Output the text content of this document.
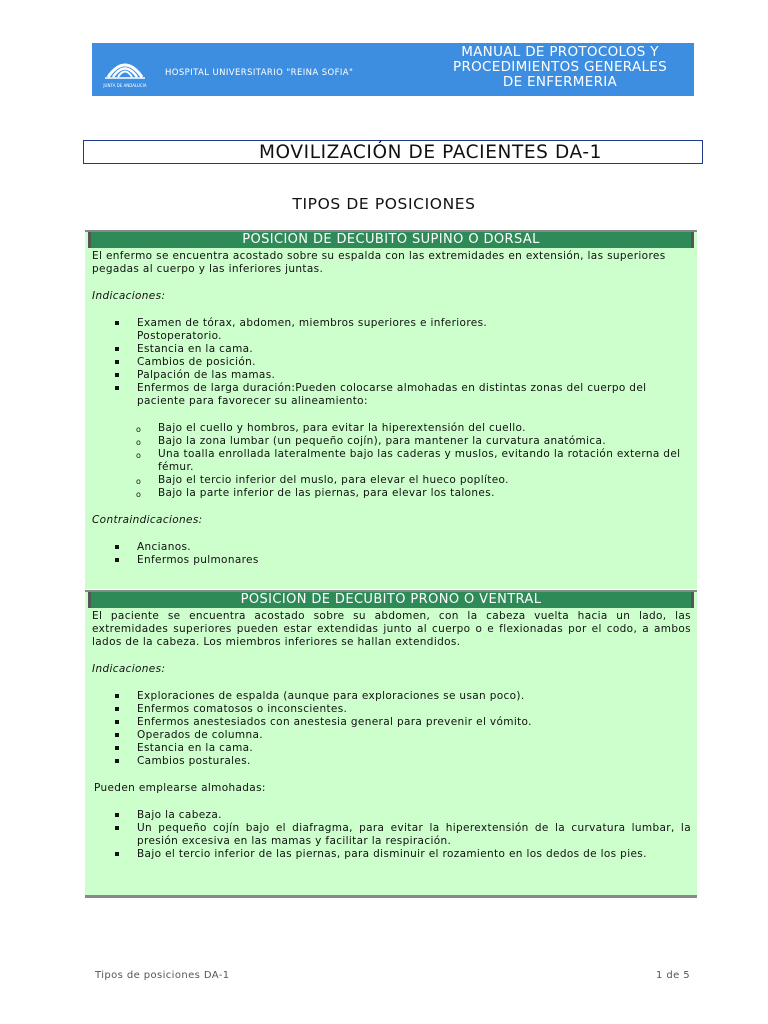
JUNTA DE ANDALUCIA
HOSPITAL UNIVERSITARIO "REINA SOFIA"
MANUAL DE PROTOCOLOS Y
PROCEDIMIENTOS GENERALES
DE ENFERMERIA
MOVILIZACIÓN DE PACIENTES DA-1
TIPOS DE POSICIONES
POSICIÓN DE DECÚBITO SUPINO O DORSAL

El enfermo se encuentra acostado sobre su espalda con las extremidades en extensión, las superiores pegadas al cuerpo y las inferiores juntas.

Indicaciones:

Examen de tórax, abdomen, miembros superiores e inferiores. Postoperatorio.
Estancia en la cama.
Cambios de posición.
Palpación de las mamas.
Enfermos de larga duración:Pueden colocarse almohadas en distintas zonas del cuerpo del paciente para favorecer su alineamiento:
o Bajo el cuello y hombros, para evitar la hiperextensión del cuello.
o Bajo la zona lumbar (un pequeño cojín), para mantener la curvatura anatómica.
o Una toalla enrollada lateralmente bajo las caderas y muslos, evitando la rotación externa del fémur.
o Bajo el tercio inferior del muslo, para elevar el hueco poplíteo.
o Bajo la parte inferior de las piernas, para elevar los talones.

Contraindicaciones:

Ancianos.
Enfermos pulmonares
POSICIÓN DE DECÚBITO PRONO O VENTRAL

El paciente se encuentra acostado sobre su abdomen, con la cabeza vuelta hacia un lado, las extremidades superiores pueden estar extendidas junto al cuerpo o e flexionadas por el codo, a ambos lados de la cabeza. Los miembros inferiores se hallan extendidos.

Indicaciones:

Exploraciones de espalda (aunque para exploraciones se usan poco).
Enfermos comatosos o inconscientes.
Enfermos anestesiados con anestesia general para prevenir el vómito.
Operados de columna.
Estancia en la cama.
Cambios posturales.

Pueden emplearse almohadas:

Bajo la cabeza.
Un pequeño cojín bajo el diafragma, para evitar la hiperextensión de la curvatura lumbar, la presión excesiva en las mamas y facilitar la respiración.
Bajo el tercio inferior de las piernas, para disminuir el rozamiento en los dedos de los pies.
Tipos de posiciones DA-1	1 de 5
